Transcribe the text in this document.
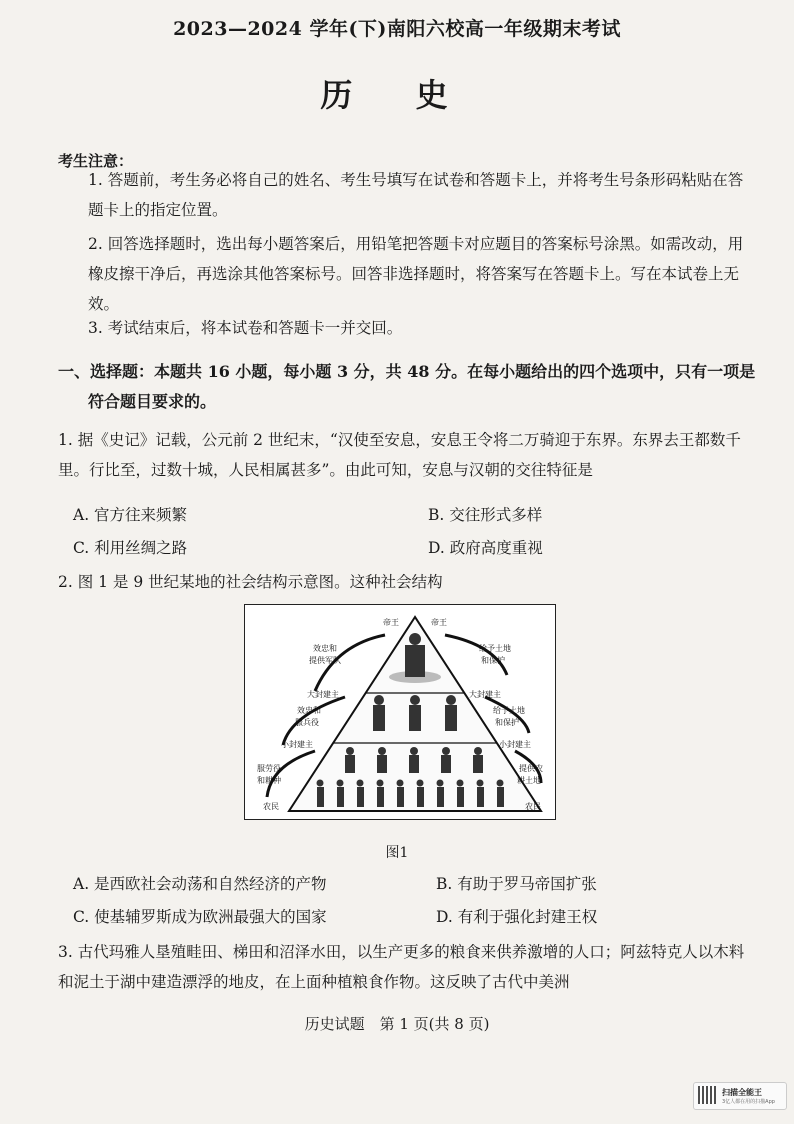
2023—2024 学年(下)南阳六校高一年级期末考试
历 史
考生注意：
1. 答题前，考生务必将自己的姓名、考生号填写在试卷和答题卡上，并将考生号条形码粘贴在答题卡上的指定位置。
2. 回答选择题时，选出每小题答案后，用铅笔把答题卡对应题目的答案标号涂黑。如需改动，用橡皮擦干净后，再选涂其他答案标号。回答非选择题时，将答案写在答题卡上。写在本试卷上无效。
3. 考试结束后，将本试卷和答题卡一并交回。
一、选择题：本题共 16 小题，每小题 3 分，共 48 分。在每小题给出的四个选项中，只有一项是
符合题目要求的。
1. 据《史记》记载，公元前 2 世纪末，“汉使至安息，安息王令将二万骑迎于东界。东界去王都数千里。行比至，过数十城，人民相属甚多”。由此可知，安息与汉朝的交往特征是
A. 官方往来频繁	B. 交往形式多样
C. 利用丝绸之路	D. 政府高度重视
2. 图 1 是 9 世纪某地的社会结构示意图。这种社会结构
帝王	帝王
效忠和提供军队
给予土地和保护
大封建主	大封建主
效忠和服兵役
给予土地和保护
小封建主	小封建主
服劳役和耕种
提供农耕土地
农民	农民
图1
A. 是西欧社会动荡和自然经济的产物	B. 有助于罗马帝国扩张
C. 使基辅罗斯成为欧洲最强大的国家	D. 有利于强化封建王权
3. 古代玛雅人垦殖畦田、梯田和沼泽水田，以生产更多的粮食来供养激增的人口；阿兹特克人以木料和泥土于湖中建造漂浮的地皮，在上面种植粮食作物。这反映了古代中美洲
历史试题　第 1 页(共 8 页)
扫描全能王
3亿人都在用的扫描App
